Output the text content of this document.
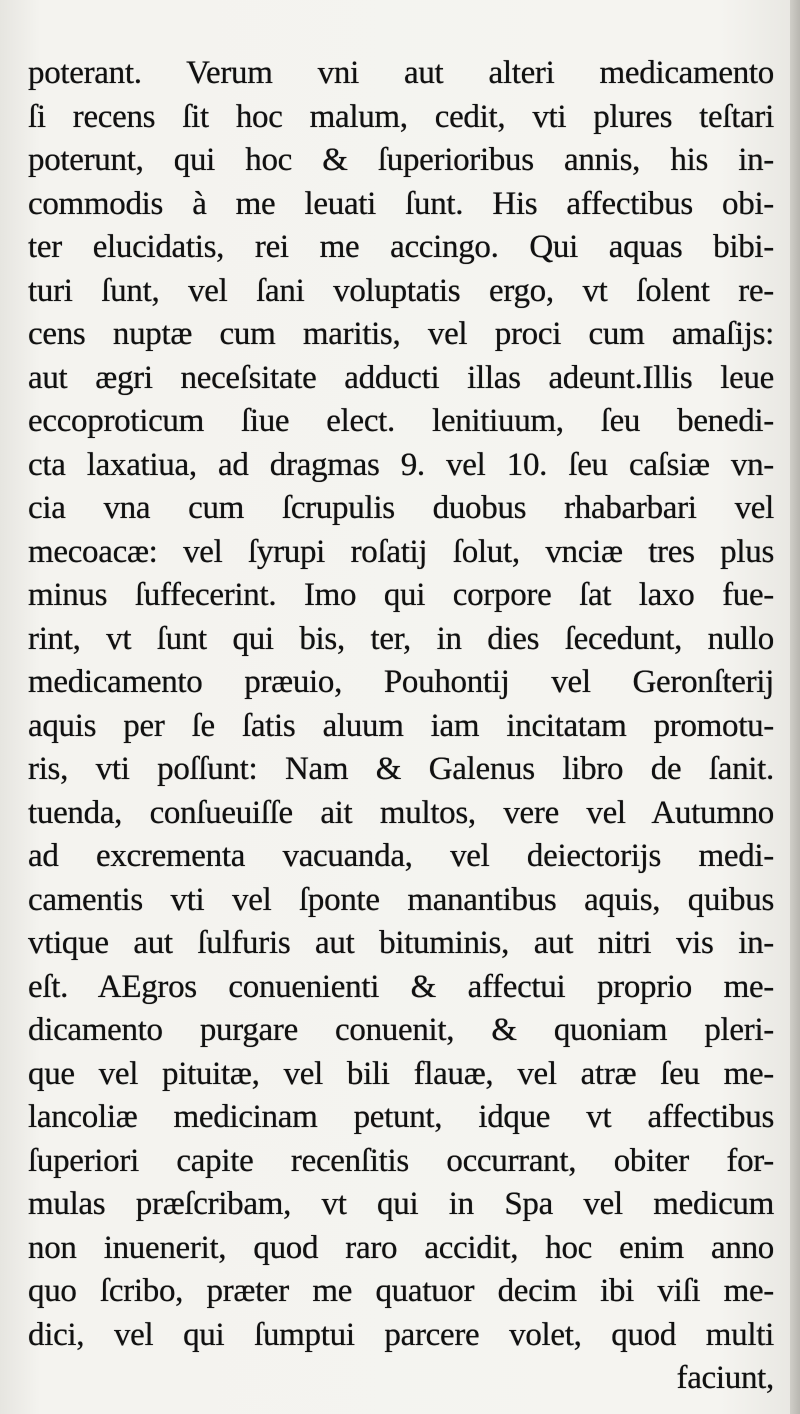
poterant. Verum vni aut alteri medicamento
ſi recens ſit hoc malum, cedit, vti plures teſtari
poterunt, qui hoc & ſuperioribus annis, his in-
commodis à me leuati ſunt. His affectibus obi-
ter elucidatis, rei me accingo. Qui aquas bibi-
turi ſunt, vel ſani voluptatis ergo, vt ſolent re-
cens nuptæ cum maritis, vel proci cum amaſijs:
aut ægri neceſsitate adducti illas adeunt.Illis leue
eccoproticum ſiue elect. lenitiuum, ſeu benedi-
cta laxatiua, ad dragmas 9. vel 10. ſeu caſsiæ vn-
cia vna cum ſcrupulis duobus rhabarbari vel
mecoacæ: vel ſyrupi roſatij ſolut, vnciæ tres plus
minus ſuffecerint. Imo qui corpore ſat laxo fue-
rint, vt ſunt qui bis, ter, in dies ſecedunt, nullo
medicamento præuio, Pouhontij vel Geronſterij
aquis per ſe ſatis aluum iam incitatam promotu-
ris, vti poſſunt: Nam & Galenus libro de ſanit.
tuenda, conſueuiſſe ait multos, vere vel Autumno
ad excrementa vacuanda, vel deiectorijs medi-
camentis vti vel ſponte manantibus aquis, quibus
vtique aut ſulfuris aut bituminis, aut nitri vis in-
eſt. AEgros conuenienti & affectui proprio me-
dicamento purgare conuenit, & quoniam pleri-
que vel pituitæ, vel bili flauæ, vel atræ ſeu me-
lancoliæ medicinam petunt, idque vt affectibus
ſuperiori capite recenſitis occurrant, obiter for-
mulas præſcribam, vt qui in Spa vel medicum
non inuenerit, quod raro accidit, hoc enim anno
quo ſcribo, præter me quatuor decim ibi viſi me-
dici, vel qui ſumptui parcere volet, quod multi
faciunt,
